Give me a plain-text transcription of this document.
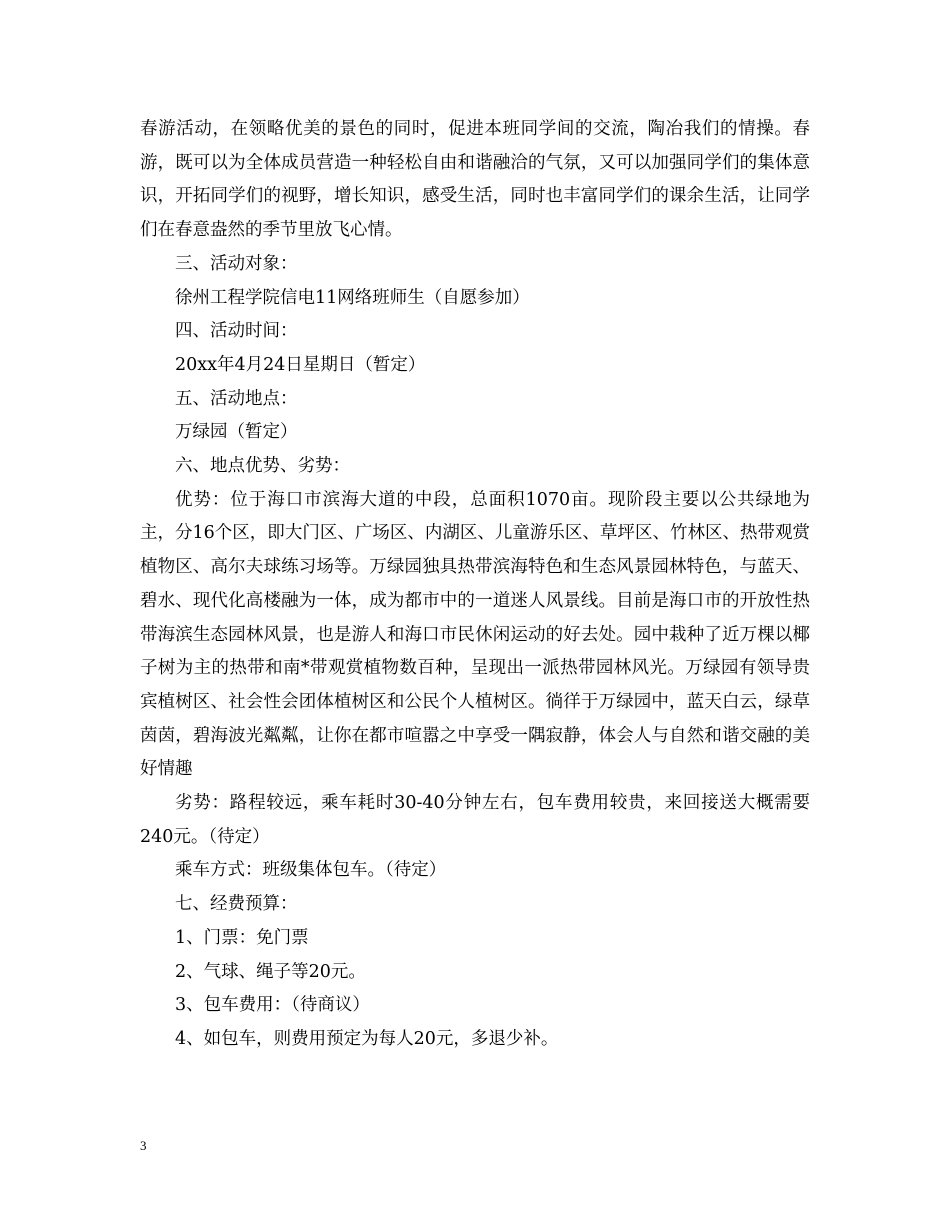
春游活动，在领略优美的景色的同时，促进本班同学间的交流，陶冶我们的情操。春游，既可以为全体成员营造一种轻松自由和谐融洽的气氛，又可以加强同学们的集体意识，开拓同学们的视野，增长知识，感受生活，同时也丰富同学们的课余生活，让同学们在春意盎然的季节里放飞心情。

三、活动对象：

徐州工程学院信电11网络班师生（自愿参加）

四、活动时间：

20xx年4月24日星期日（暂定）

五、活动地点：

万绿园（暂定）

六、地点优势、劣势：

优势：位于海口市滨海大道的中段，总面积1070亩。现阶段主要以公共绿地为主，分16个区，即大门区、广场区、内湖区、儿童游乐区、草坪区、竹林区、热带观赏植物区、高尔夫球练习场等。万绿园独具热带滨海特色和生态风景园林特色，与蓝天、碧水、现代化高楼融为一体，成为都市中的一道迷人风景线。目前是海口市的开放性热带海滨生态园林风景，也是游人和海口市民休闲运动的好去处。园中栽种了近万棵以椰子树为主的热带和南*带观赏植物数百种，呈现出一派热带园林风光。万绿园有领导贵宾植树区、社会性会团体植树区和公民个人植树区。徜徉于万绿园中，蓝天白云，绿草茵茵，碧海波光粼粼，让你在都市喧嚣之中享受一隅寂静，体会人与自然和谐交融的美好情趣

劣势：路程较远，乘车耗时30-40分钟左右，包车费用较贵，来回接送大概需要240元。（待定）

乘车方式：班级集体包车。（待定）

七、经费预算：

1、门票：免门票

2、气球、绳子等20元。

3、包车费用：（待商议）

4、如包车，则费用预定为每人20元，多退少补。

3
